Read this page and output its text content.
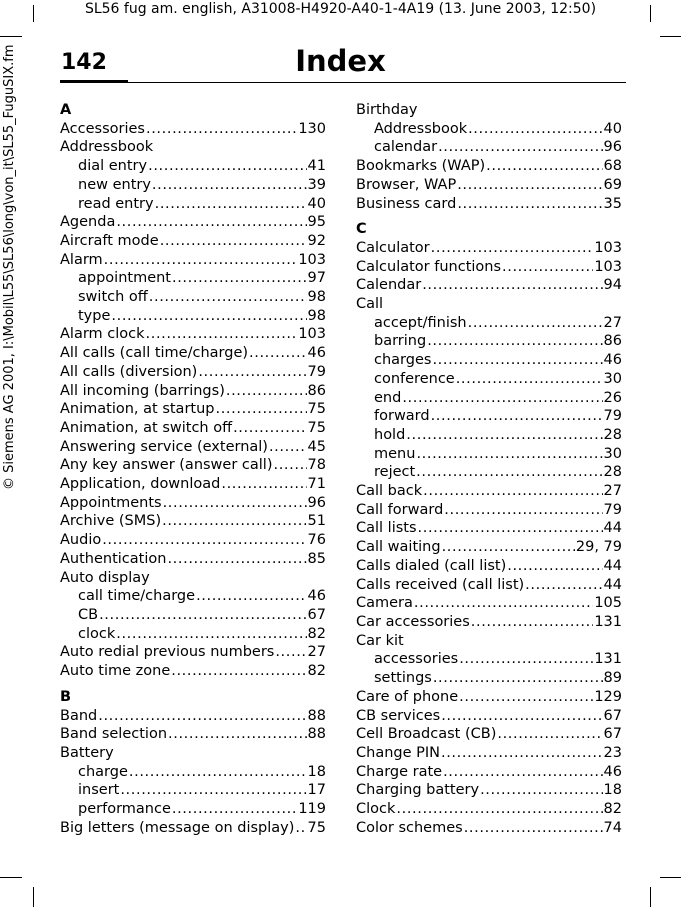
SL56 fug am. english, A31008-H4920-A40-1-4A19 (13. June 2003, 12:50)
142	Index
© Siemens AG 2001, I:\Mobil\L55\SL56\long\von_it\SL55_FuguSIX.fm	A
Accessories . . .	130
Addressbook
dial entry . . .	41
new entry . . .	39
read entry . . .	40
Agenda . . .	95
Aircraft mode . . .	92
Alarm . . .	103
appointment . . .	97
switch off . . .	98
type . . .	98
Alarm clock . . .	103
All calls (call time/charge) . . .	46
All calls (diversion) . . .	79
All incoming (barrings) . . .	86
Animation, at startup . . .	75
Animation, at switch off . . .	75
Answering service (external) . . .	45
Any key answer (answer call) . . . 78
Application, download . . .	71
Appointments . . .	96
Archive (SMS) . . .	51
Audio . . .	76
Authentication . . .	85
Auto display
call time/charge . . .	46
CB . . .	67
clock . . .	82
Auto redial previous numbers . . . 27
Auto time zone . . .	82
B
Band . . .	88
Band selection . . .	88
Battery
charge . . .	18
insert . . .	17
performance . . .	119
Big letters (message on display) . . . 75
Birthday
Addressbook . . .	40
calendar . . .	96
Bookmarks (WAP) . . .	68
Browser, WAP . . .	69
Business card . . .	35
C
Calculator . . .	103
Calculator functions . . .	103
Calendar . . .	94
Call
accept/finish . . .	27
barring . . .	86
charges . . .	46
conference . . .	30
end . . .	26
forward . . .	79
hold . . .	28
menu . . .	30
reject . . .	28
Call back . . .	27
Call forward . . .	79
Call lists . . .	44
Call waiting . . .	29, 79
Calls dialed (call list) . . .	44
Calls received (call list) . . .	44
Camera . . .	105
Car accessories . . .	131
Car kit
accessories . . .	131
settings . . .	89
Care of phone . . .	129
CB services . . .	67
Cell Broadcast (CB) . . .	67
Change PIN . . .	23
Charge rate . . .	46
Charging battery . . .	18
Clock . . .	82
Color schemes . . .	74
